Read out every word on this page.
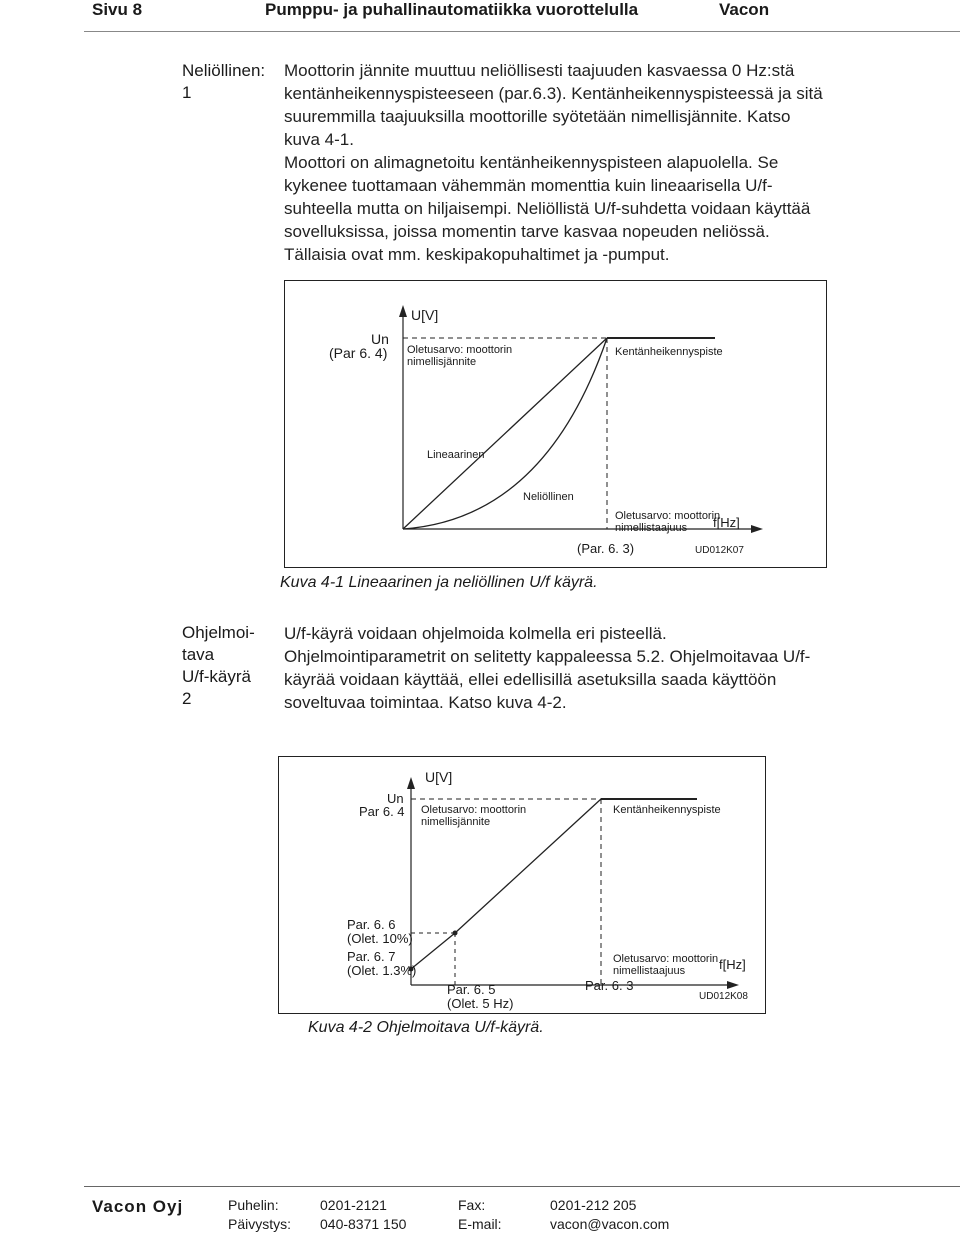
Sivu 8	Pumppu- ja puhallinautomatiikka vuorottelulla	Vacon
Neliöllinen:
1
Moottorin jännite muuttuu neliöllisesti taajuuden kasvaessa 0 Hz:stä kentänheikennyspisteeseen (par.6.3). Kentänheikennyspisteessä ja sitä suuremmilla taajuuksilla moottorille syötetään nimellisjännite. Katso kuva 4-1.
Moottori on alimagnetoitu kentänheikennyspisteen alapuolella. Se kykenee tuottamaan vähemmän momenttia kuin lineaarisella U/f-suhteella mutta on hiljaisempi. Neliöllistä U/f-suhdetta voidaan käyttää sovelluksissa, joissa momentin tarve kasvaa nopeuden neliössä. Tällaisia ovat mm. keskipakopuhaltimet ja -pumput.
U[V]
Un
(Par 6. 4) Oletusarvo: moottorin
nimellisjännite
Kentänheikennyspiste
Lineaarinen
Neliöllinen
Oletusarvo: moottorin
nimellistaajuus	f[Hz]
(Par. 6. 3)	UD012K07
Kuva 4-1 Lineaarinen ja neliöllinen U/f käyrä.
Ohjelmoi-
tava
U/f-käyrä
2
U/f-käyrä voidaan ohjelmoida kolmella eri pisteellä. Ohjelmointiparametrit on selitetty kappaleessa 5.2. Ohjelmoitavaa U/f-käyrää voidaan käyttää, ellei edellisillä asetuksilla saada käyttöön soveltuvaa toimintaa. Katso kuva 4-2.
U[V]
Un
Par 6. 4 Oletusarvo: moottorin
nimellisjännite
Kentänheikennyspiste
Par. 6. 6
(Olet. 10%)
Par. 6. 7
(Olet. 1.3%)
Par. 6. 5
(Olet. 5 Hz)
Par. 6. 3
Oletusarvo: moottorin
nimellistaajuus	f[Hz]
UD012K08
Kuva 4-2 Ohjelmoitava U/f-käyrä.
Vacon Oyj	Puhelin:	0201-2121	Fax:	0201-212 205
Päivystys: 040-8371 150	E-mail:	vacon@vacon.com
